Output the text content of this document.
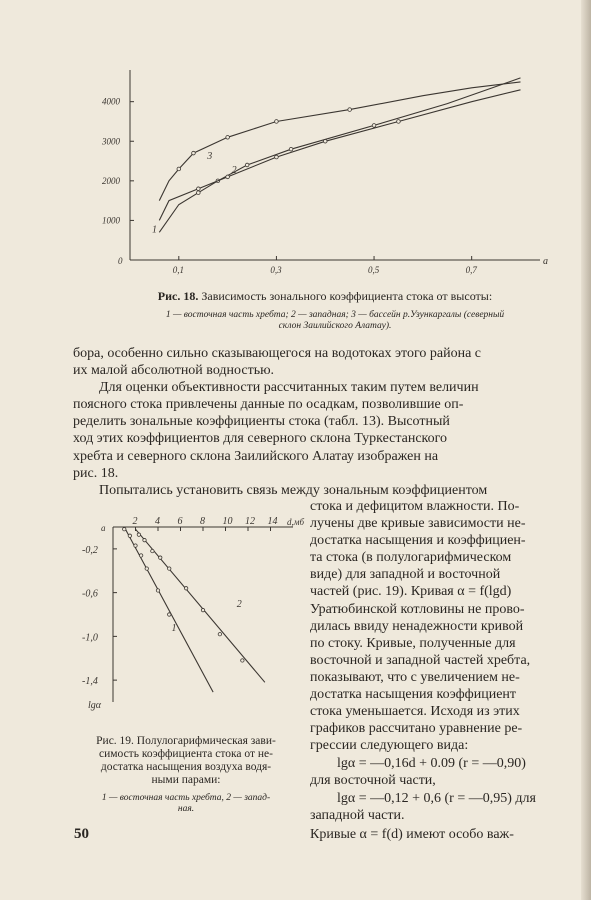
0	a
0,1	0,3	0,5	0,7
1000
2000
3000
4000
1
2
3
Рис. 18. Зависимость зонального коэффициента стока от высоты:
1 — восточная часть хребта; 2 — западная; 3 — бассейн р.Узункаргалы (северный
склон Заилийского Алатау).

бора, особенно сильно сказывающегося на водотоках этого района с

их малой абсолютной водностью.

Для оценки объективности рассчитанных таким путем величин

поясного стока привлечены данные по осадкам, позволившие оп-

ределить зональные коэффициенты стока (табл. 13). Высотный

ход этих коэффициентов для северного склона Туркестанского

хребта и северного склона Заилийского Алатау изображен на

рис. 18.

Попытались установить связь между зональным коэффициентом

a
d,мб
2 4 6 8 10 12 14
-0,2
-0,6
-1,0
-1,4
lgα
1
2
Рис. 19. Полулогарифмическая зави-
симость коэффициента стока от не-
достатка насыщения воздуха водя-
ными парами:
1 — восточная часть хребта, 2 — запад-
ная.

стока и дефицитом влажности. По-

лучены две кривые зависимости не-

достатка насыщения и коэффициен-

та стока (в полулогарифмическом

виде) для западной и восточной

частей (рис. 19). Кривая α = f(lgd)

Уратюбинской котловины не прово-

дилась ввиду ненадежности кривой

по стоку. Кривые, полученные для

восточной и западной частей хребта,

показывают, что с увеличением не-

достатка насыщения коэффициент

стока уменьшается. Исходя из этих

графиков рассчитано уравнение ре-

грессии следующего вида:

lgα = —0,16d + 0.09 (r = —0,90)
для восточной части,
lgα = —0,12 + 0,6 (r = —0,95) для
западной части.
Кривые α = f(d) имеют особо важ-
50
